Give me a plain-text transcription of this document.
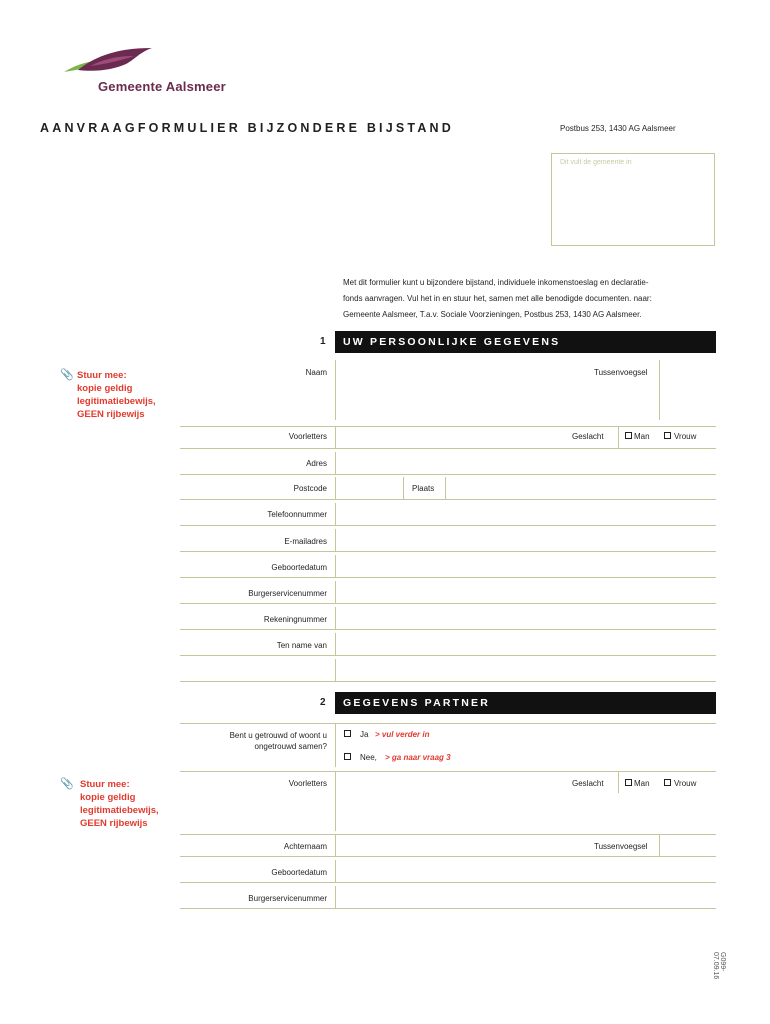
Gemeente Aalsmeer
AANVRAAGFORMULIER BIJZONDERE BIJSTAND	Postbus 253, 1430 AG Aalsmeer
Dit vult de gemeente in
Met dit formulier kunt u bijzondere bijstand, individuele inkomenstoeslag en declaratie-
fonds aanvragen. Vul het in en stuur het, samen met alle benodigde documenten. naar:
Gemeente Aalsmeer, T.a.v. Sociale Voorzieningen, Postbus 253, 1430 AG Aalsmeer.
1	UW PERSOONLIJKE GEGEVENS
📎 Stuur mee:
kopie geldig
legitimatiebewijs,
GEEN rijbewijs
Naam	Tussenvoegsel
Voorletters	Geslacht	Man	Vrouw
Adres
Postcode	Plaats
Telefoonnummer
E-mailadres
Geboortedatum
Burgerservicenummer
Rekeningnummer
Ten name van
2	GEGEVENS PARTNER
Bent u getrouwd of woont u
ongetrouwd samen?
Ja > vul verder in
Nee, > ga naar vraag 3
📎 Stuur mee:
kopie geldig
legitimatiebewijs,
GEEN rijbewijs
Voorletters	Geslacht	Man	Vrouw
Achternaam	Tussenvoegsel
Geboortedatum
Burgerservicenummer
G099-07.09.16
